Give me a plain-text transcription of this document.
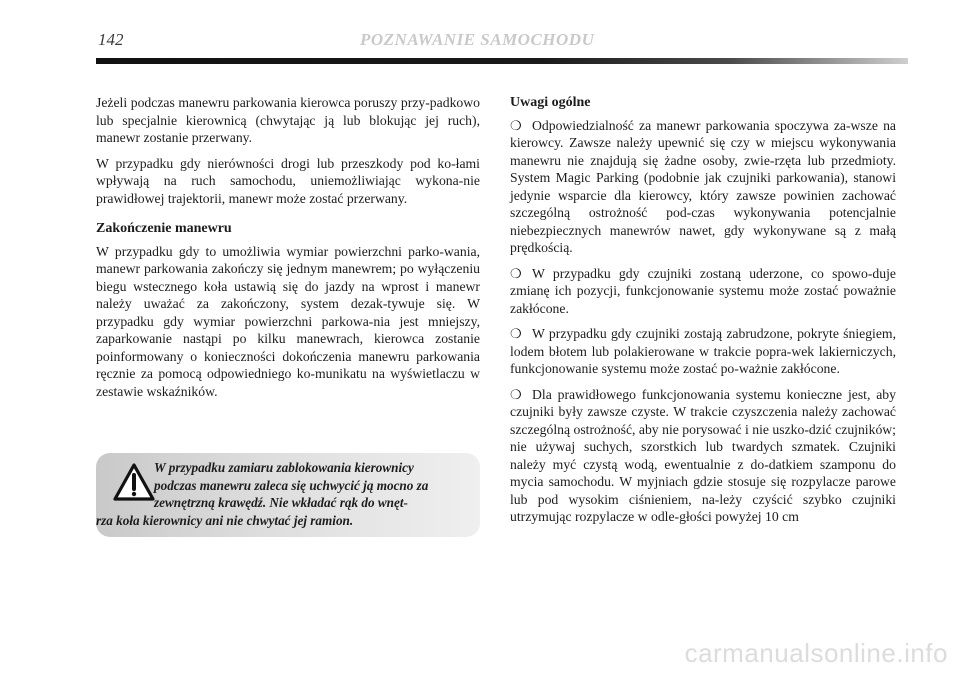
142	POZNAWANIE SAMOCHODU

Jeżeli podczas manewru parkowania kierowca poruszy przy-padkowo lub specjalnie kierownicą (chwytając ją lub blokując jej ruch), manewr zostanie przerwany.

W przypadku gdy nierówności drogi lub przeszkody pod ko-łami wpływają na ruch samochodu, uniemożliwiając wykona-nie prawidłowej trajektorii, manewr może zostać przerwany.

Zakończenie manewru

W przypadku gdy to umożliwia wymiar powierzchni parko-wania, manewr parkowania zakończy się jednym manewrem; po wyłączeniu biegu wstecznego koła ustawią się do jazdy na wprost i manewr należy uważać za zakończony, system dezak-tywuje się. W przypadku gdy wymiar powierzchni parkowa-nia jest mniejszy, zaparkowanie nastąpi po kilku manewrach, kierowca zostanie poinformowany o konieczności dokończenia manewru parkowania ręcznie za pomocą odpowiedniego ko-munikatu na wyświetlaczu w zestawie wskaźników.

W przypadku zamiaru zablokowania kierownicy
podczas manewru zaleca się uchwycić ją mocno za
zewnętrzną krawędź. Nie wkładać rąk do wnęt-
rza koła kierownicy ani nie chwytać jej ramion.

Uwagi ogólne

❍ Odpowiedzialność za manewr parkowania spoczywa za-wsze na kierowcy. Zawsze należy upewnić się czy w miejscu wykonywania manewru nie znajdują się żadne osoby, zwie-rzęta lub przedmioty. System Magic Parking (podobnie jak czujniki parkowania), stanowi jedynie wsparcie dla kierowcy, który zawsze powinien zachować szczególną ostrożność pod-czas wykonywania potencjalnie niebezpiecznych manewrów nawet, gdy wykonywane są z małą prędkością.

❍ W przypadku gdy czujniki zostaną uderzone, co spowo-duje zmianę ich pozycji, funkcjonowanie systemu może zostać poważnie zakłócone.

❍ W przypadku gdy czujniki zostają zabrudzone, pokryte śniegiem, lodem błotem lub polakierowane w trakcie popra-wek lakierniczych, funkcjonowanie systemu może zostać po-ważnie zakłócone.

❍ Dla prawidłowego funkcjonowania systemu konieczne jest, aby czujniki były zawsze czyste. W trakcie czyszczenia należy zachować szczególną ostrożność, aby nie porysować i nie uszko-dzić czujników; nie używaj suchych, szorstkich lub twardych szmatek. Czujniki należy myć czystą wodą, ewentualnie z do-datkiem szamponu do mycia samochodu. W myjniach gdzie stosuje się rozpylacze parowe lub pod wysokim ciśnieniem, na-leży czyścić szybko czujniki utrzymując rozpylacze w odle-głości powyżej 10 cm

carmanualsonline.info
